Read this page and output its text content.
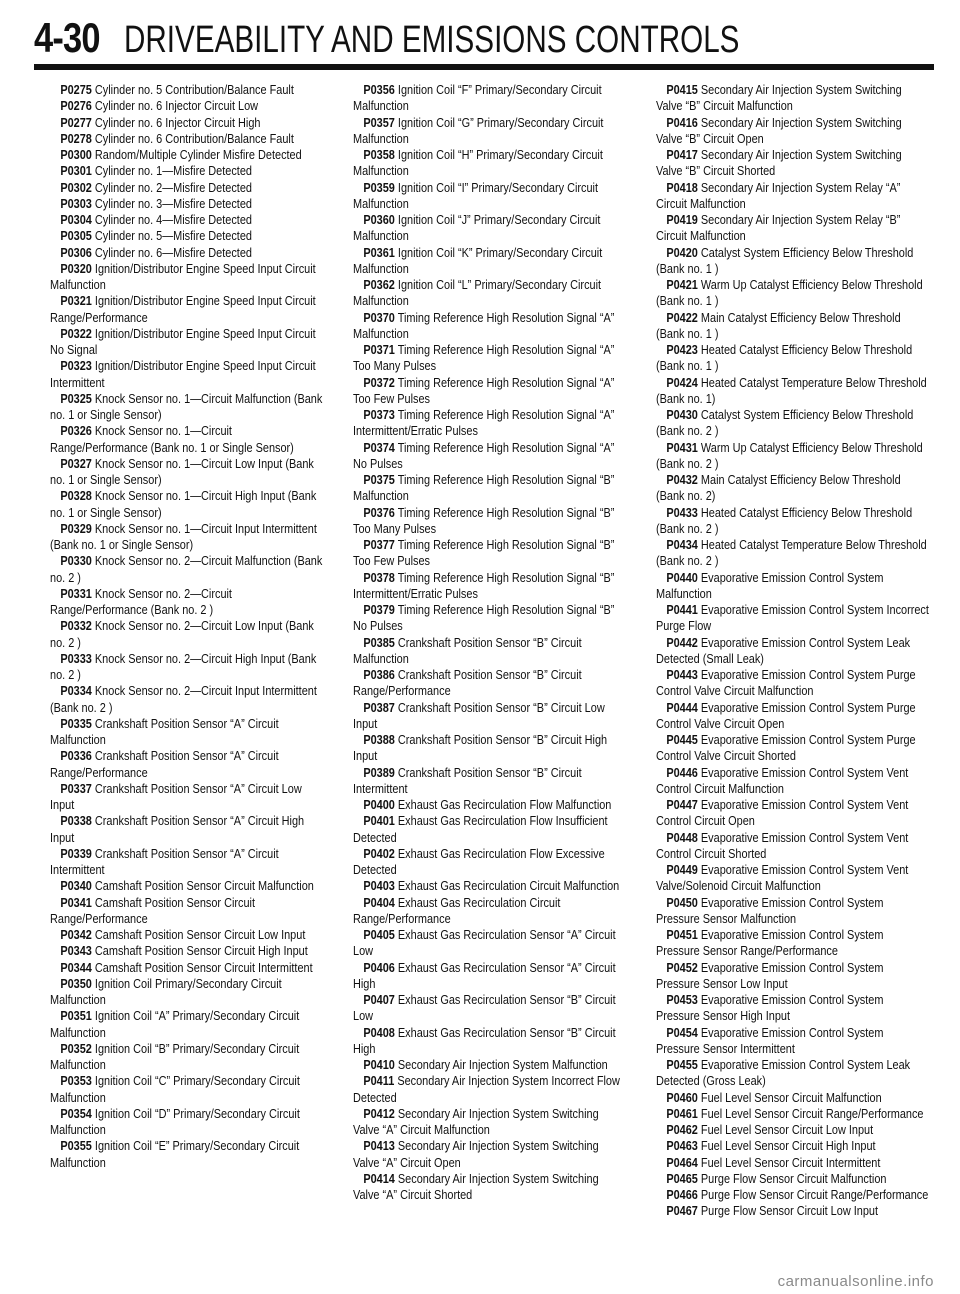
4-30 DRIVEABILITY AND EMISSIONS CONTROLS

P0275 Cylinder no. 5 Contribution/Balance Fault

P0276 Cylinder no. 6 Injector Circuit Low

P0277 Cylinder no. 6 Injector Circuit High

P0278 Cylinder no. 6 Contribution/Balance Fault

P0300 Random/Multiple Cylinder Misfire Detected

P0301 Cylinder no. 1—Misfire Detected

P0302 Cylinder no. 2—Misfire Detected

P0303 Cylinder no. 3—Misfire Detected

P0304 Cylinder no. 4—Misfire Detected

P0305 Cylinder no. 5—Misfire Detected

P0306 Cylinder no. 6—Misfire Detected

P0320 Ignition/Distributor Engine Speed Input Circuit Malfunction

P0321 Ignition/Distributor Engine Speed Input Circuit Range/Performance

P0322 Ignition/Distributor Engine Speed Input Circuit No Signal

P0323 Ignition/Distributor Engine Speed Input Circuit Intermittent

P0325 Knock Sensor no. 1—Circuit Malfunction (Bank no. 1 or Single Sensor)

P0326 Knock Sensor no. 1—Circuit Range/Performance (Bank no. 1 or Single Sensor)

P0327 Knock Sensor no. 1—Circuit Low Input (Bank no. 1 or Single Sensor)

P0328 Knock Sensor no. 1—Circuit High Input (Bank no. 1 or Single Sensor)

P0329 Knock Sensor no. 1—Circuit Input Intermittent (Bank no. 1 or Single Sensor)

P0330 Knock Sensor no. 2—Circuit Malfunction (Bank no. 2 )

P0331 Knock Sensor no. 2—Circuit Range/Performance (Bank no. 2 )

P0332 Knock Sensor no. 2—Circuit Low Input (Bank no. 2 )

P0333 Knock Sensor no. 2—Circuit High Input (Bank no. 2 )

P0334 Knock Sensor no. 2—Circuit Input Intermittent (Bank no. 2 )

P0335 Crankshaft Position Sensor “A” Circuit Malfunction

P0336 Crankshaft Position Sensor “A” Circuit Range/Performance

P0337 Crankshaft Position Sensor “A” Circuit Low Input

P0338 Crankshaft Position Sensor “A” Circuit High Input

P0339 Crankshaft Position Sensor “A” Circuit Intermittent

P0340 Camshaft Position Sensor Circuit Malfunction

P0341 Camshaft Position Sensor Circuit Range/Performance

P0342 Camshaft Position Sensor Circuit Low Input

P0343 Camshaft Position Sensor Circuit High Input

P0344 Camshaft Position Sensor Circuit Intermittent

P0350 Ignition Coil Primary/Secondary Circuit Malfunction

P0351 Ignition Coil “A” Primary/Secondary Circuit Malfunction

P0352 Ignition Coil “B” Primary/Secondary Circuit Malfunction

P0353 Ignition Coil “C” Primary/Secondary Circuit Malfunction

P0354 Ignition Coil “D” Primary/Secondary Circuit Malfunction

P0355 Ignition Coil “E” Primary/Secondary Circuit Malfunction

P0356 Ignition Coil “F” Primary/Secondary Circuit Malfunction

P0357 Ignition Coil “G” Primary/Secondary Circuit Malfunction

P0358 Ignition Coil “H” Primary/Secondary Circuit Malfunction

P0359 Ignition Coil “I” Primary/Secondary Circuit Malfunction

P0360 Ignition Coil “J” Primary/Secondary Circuit Malfunction

P0361 Ignition Coil “K” Primary/Secondary Circuit Malfunction

P0362 Ignition Coil “L” Primary/Secondary Circuit Malfunction

P0370 Timing Reference High Resolution Signal “A” Malfunction

P0371 Timing Reference High Resolution Signal “A” Too Many Pulses

P0372 Timing Reference High Resolution Signal “A” Too Few Pulses

P0373 Timing Reference High Resolution Signal “A” Intermittent/Erratic Pulses

P0374 Timing Reference High Resolution Signal “A” No Pulses

P0375 Timing Reference High Resolution Signal “B” Malfunction

P0376 Timing Reference High Resolution Signal “B” Too Many Pulses

P0377 Timing Reference High Resolution Signal “B” Too Few Pulses

P0378 Timing Reference High Resolution Signal “B” Intermittent/Erratic Pulses

P0379 Timing Reference High Resolution Signal “B” No Pulses

P0385 Crankshaft Position Sensor “B” Circuit Malfunction

P0386 Crankshaft Position Sensor “B” Circuit Range/Performance

P0387 Crankshaft Position Sensor “B” Circuit Low Input

P0388 Crankshaft Position Sensor “B” Circuit High Input

P0389 Crankshaft Position Sensor “B” Circuit Intermittent

P0400 Exhaust Gas Recirculation Flow Malfunction

P0401 Exhaust Gas Recirculation Flow Insufficient Detected

P0402 Exhaust Gas Recirculation Flow Excessive Detected

P0403 Exhaust Gas Recirculation Circuit Malfunction

P0404 Exhaust Gas Recirculation Circuit Range/Performance

P0405 Exhaust Gas Recirculation Sensor “A” Circuit Low

P0406 Exhaust Gas Recirculation Sensor “A” Circuit High

P0407 Exhaust Gas Recirculation Sensor “B” Circuit Low

P0408 Exhaust Gas Recirculation Sensor “B” Circuit High

P0410 Secondary Air Injection System Malfunction

P0411 Secondary Air Injection System Incorrect Flow Detected

P0412 Secondary Air Injection System Switching Valve “A” Circuit Malfunction

P0413 Secondary Air Injection System Switching Valve “A” Circuit Open

P0414 Secondary Air Injection System Switching Valve “A” Circuit Shorted

P0415 Secondary Air Injection System Switching Valve “B” Circuit Malfunction

P0416 Secondary Air Injection System Switching Valve “B” Circuit Open

P0417 Secondary Air Injection System Switching Valve “B” Circuit Shorted

P0418 Secondary Air Injection System Relay “A” Circuit Malfunction

P0419 Secondary Air Injection System Relay “B” Circuit Malfunction

P0420 Catalyst System Efficiency Below Threshold (Bank no. 1 )

P0421 Warm Up Catalyst Efficiency Below Threshold (Bank no. 1 )

P0422 Main Catalyst Efficiency Below Threshold (Bank no. 1 )

P0423 Heated Catalyst Efficiency Below Threshold (Bank no. 1 )

P0424 Heated Catalyst Temperature Below Threshold (Bank no. 1)

P0430 Catalyst System Efficiency Below Threshold (Bank no. 2 )

P0431 Warm Up Catalyst Efficiency Below Threshold (Bank no. 2 )

P0432 Main Catalyst Efficiency Below Threshold (Bank no. 2)

P0433 Heated Catalyst Efficiency Below Threshold (Bank no. 2 )

P0434 Heated Catalyst Temperature Below Threshold (Bank no. 2 )

P0440 Evaporative Emission Control System Malfunction

P0441 Evaporative Emission Control System Incorrect Purge Flow

P0442 Evaporative Emission Control System Leak Detected (Small Leak)

P0443 Evaporative Emission Control System Purge Control Valve Circuit Malfunction

P0444 Evaporative Emission Control System Purge Control Valve Circuit Open

P0445 Evaporative Emission Control System Purge Control Valve Circuit Shorted

P0446 Evaporative Emission Control System Vent Control Circuit Malfunction

P0447 Evaporative Emission Control System Vent Control Circuit Open

P0448 Evaporative Emission Control System Vent Control Circuit Shorted

P0449 Evaporative Emission Control System Vent Valve/Solenoid Circuit Malfunction

P0450 Evaporative Emission Control System Pressure Sensor Malfunction

P0451 Evaporative Emission Control System Pressure Sensor Range/Performance

P0452 Evaporative Emission Control System Pressure Sensor Low Input

P0453 Evaporative Emission Control System Pressure Sensor High Input

P0454 Evaporative Emission Control System Pressure Sensor Intermittent

P0455 Evaporative Emission Control System Leak Detected (Gross Leak)

P0460 Fuel Level Sensor Circuit Malfunction

P0461 Fuel Level Sensor Circuit Range/Performance

P0462 Fuel Level Sensor Circuit Low Input

P0463 Fuel Level Sensor Circuit High Input

P0464 Fuel Level Sensor Circuit Intermittent

P0465 Purge Flow Sensor Circuit Malfunction

P0466 Purge Flow Sensor Circuit Range/Performance

P0467 Purge Flow Sensor Circuit Low Input

carmanualsonline.info
